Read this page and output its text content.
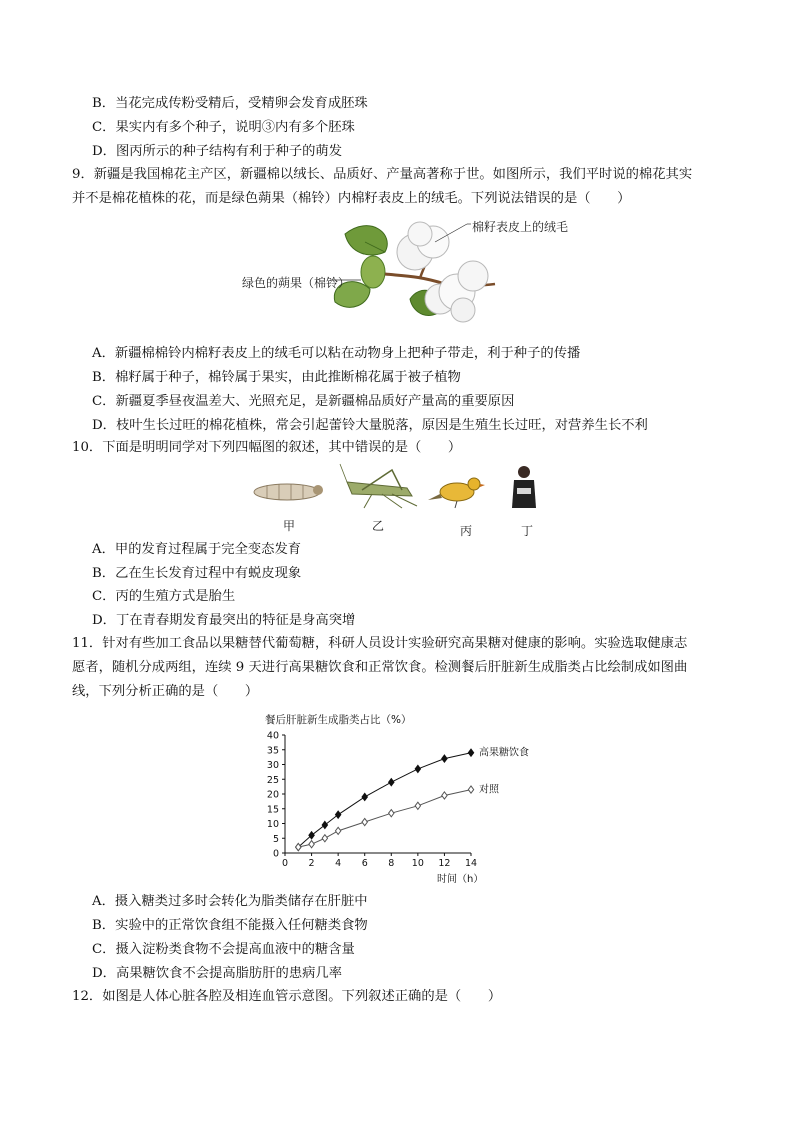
B．当花完成传粉受精后，受精卵会发育成胚珠
C．果实内有多个种子，说明③内有多个胚珠
D．图丙所示的种子结构有利于种子的萌发
9．新疆是我国棉花主产区，新疆棉以绒长、品质好、产量高著称于世。如图所示，我们平时说的棉花其实
并不是棉花植株的花，而是绿色蒴果（棉铃）内棉籽表皮上的绒毛。下列说法错误的是（　　）
棉籽表皮上的绒毛
绿色的蒴果（棉铃）
A．新疆棉棉铃内棉籽表皮上的绒毛可以粘在动物身上把种子带走，利于种子的传播
B．棉籽属于种子，棉铃属于果实，由此推断棉花属于被子植物
C．新疆夏季昼夜温差大、光照充足，是新疆棉品质好产量高的重要原因
D．枝叶生长过旺的棉花植株，常会引起蕾铃大量脱落，原因是生殖生长过旺，对营养生长不利
10．下面是明明同学对下列四幅图的叙述，其中错误的是（　　）
甲	乙	丙	丁
A．甲的发育过程属于完全变态发育
B．乙在生长发育过程中有蜕皮现象
C．丙的生殖方式是胎生
D．丁在青春期发育最突出的特征是身高突增
11．针对有些加工食品以果糖替代葡萄糖，科研人员设计实验研究高果糖对健康的影响。实验选取健康志
愿者，随机分成两组，连续 9 天进行高果糖饮食和正常饮食。检测餐后肝脏新生成脂类占比绘制成如图曲
线，下列分析正确的是（　　）
餐后肝脏新生成脂类占比（%）
0
5
10
15
20
25
30
35
40
0 2 4 6 8 10 12 14
高果糖饮食
对照
时间（h）
A．摄入糖类过多时会转化为脂类储存在肝脏中
B．实验中的正常饮食组不能摄入任何糖类食物
C．摄入淀粉类食物不会提高血液中的糖含量
D．高果糖饮食不会提高脂肪肝的患病几率
12．如图是人体心脏各腔及相连血管示意图。下列叙述正确的是（　　）
